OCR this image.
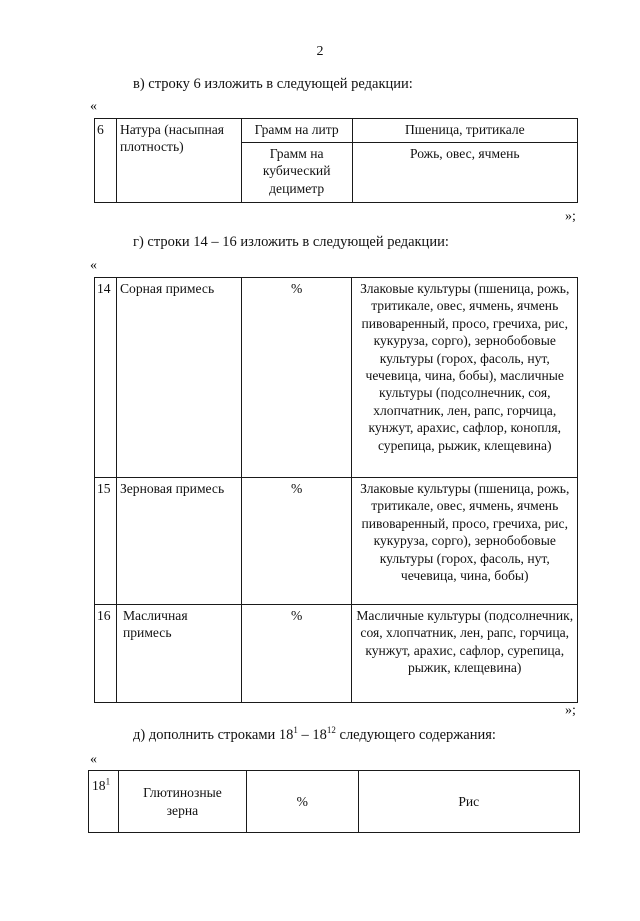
2
в) строку 6 изложить в следующей редакции:
«
6	Натура (насыпная плотность)	Грамм на литр	Пшеница, тритикале
		Грамм на кубический дециметр	Рожь, овес, ячмень
»;
г) строки 14 – 16 изложить в следующей редакции:
«
14	Сорная примесь	%	Злаковые культуры (пшеница, рожь, тритикале, овес, ячмень, ячмень пивоваренный, просо, гречиха, рис, кукуруза, сорго), зернобобовые культуры (горох, фасоль, нут, чечевица, чина, бобы), масличные культуры (подсолнечник, соя, хлопчатник, лен, рапс, горчица, кунжут, арахис, сафлор, конопля, сурепица, рыжик, клещевина)
15	Зерновая примесь	%	Злаковые культуры (пшеница, рожь, тритикале, овес, ячмень, ячмень пивоваренный, просо, гречиха, рис, кукуруза, сорго), зернобобовые культуры (горох, фасоль, нут, чечевица, чина, бобы)
16	Масличная примесь	%	Масличные культуры (подсолнечник, соя, хлопчатник, лен, рапс, горчица, кунжут, арахис, сафлор, сурепица, рыжик, клещевина)
»;
д) дополнить строками $18^1 - 18^{12}$ следующего содержания:
«
$18^1$	Глютинозные зерна	%	Рис
